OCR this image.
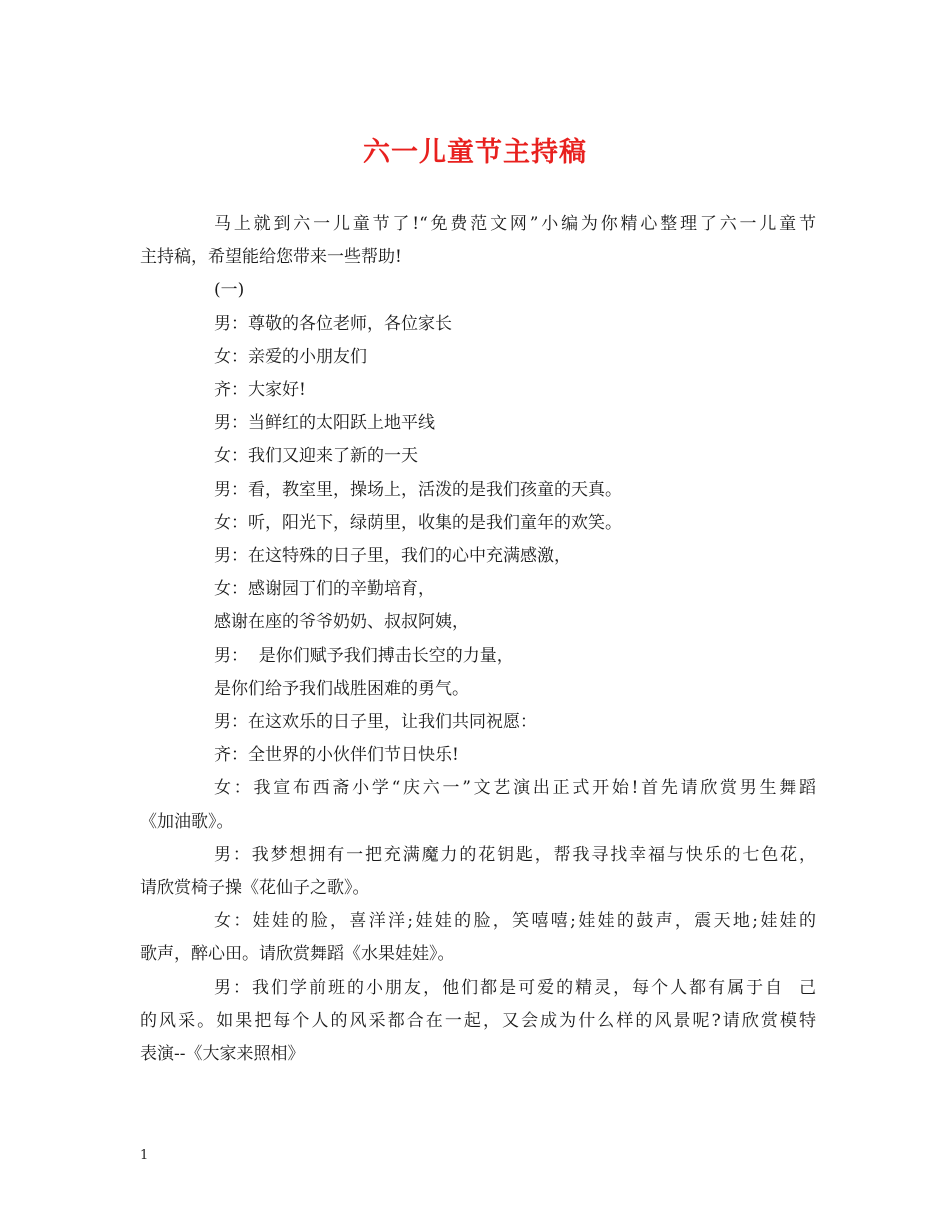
六一儿童节主持稿

马上就到六一儿童节了!“免费范文网”小编为你精心整理了六一儿童节

主持稿，希望能给您带来一些帮助!

(一)

男：尊敬的各位老师，各位家长

女：亲爱的小朋友们

齐：大家好!

男：当鲜红的太阳跃上地平线

女：我们又迎来了新的一天

男：看，教室里，操场上，活泼的是我们孩童的天真。

女：听，阳光下，绿荫里，收集的是我们童年的欢笑。

男：在这特殊的日子里，我们的心中充满感激，

女：感谢园丁们的辛勤培育，

感谢在座的爷爷奶奶、叔叔阿姨，

男：  是你们赋予我们搏击长空的力量，

是你们给予我们战胜困难的勇气。

男：在这欢乐的日子里，让我们共同祝愿：

齐：全世界的小伙伴们节日快乐!

女：我宣布西斋小学“庆六一”文艺演出正式开始!首先请欣赏男生舞蹈

《加油歌》。

男：我梦想拥有一把充满魔力的花钥匙，帮我寻找幸福与快乐的七色花，

请欣赏椅子操《花仙子之歌》。

女：娃娃的脸，喜洋洋;娃娃的脸，笑嘻嘻;娃娃的鼓声，震天地;娃娃的

歌声，醉心田。请欣赏舞蹈《水果娃娃》。

男：我们学前班的小朋友，他们都是可爱的精灵，每个人都有属于自  己

的风采。如果把每个人的风采都合在一起，又会成为什么样的风景呢?请欣赏模特

表演--《大家来照相》

1
